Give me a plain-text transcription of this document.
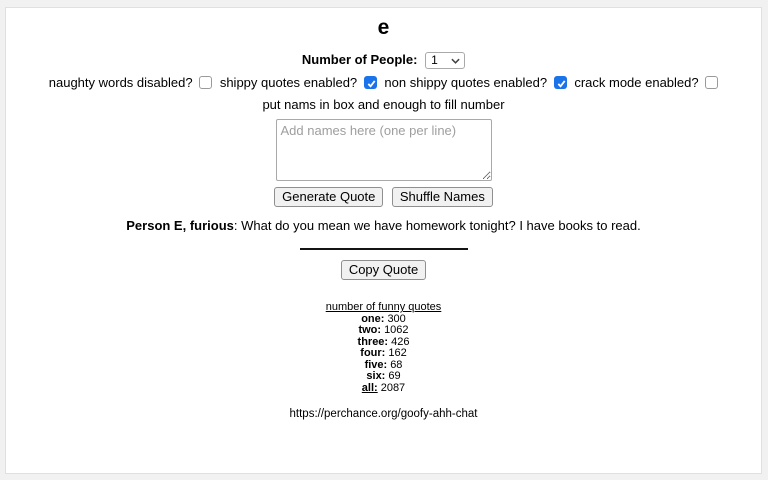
e
Number of People: 1
naughty words disabled? shippy quotes enabled? non shippy quotes enabled? crack mode enabled?
put nams in box and enough to fill number
Add names here (one per line)
Generate Quote Shuffle Names
Person E, furious: What do you mean we have homework tonight? I have books to read.
Copy Quote
number of funny quotes
one: 300
two: 1062
three: 426
four: 162
five: 68
six: 69
all: 2087
https://perchance.org/goofy-ahh-chat
